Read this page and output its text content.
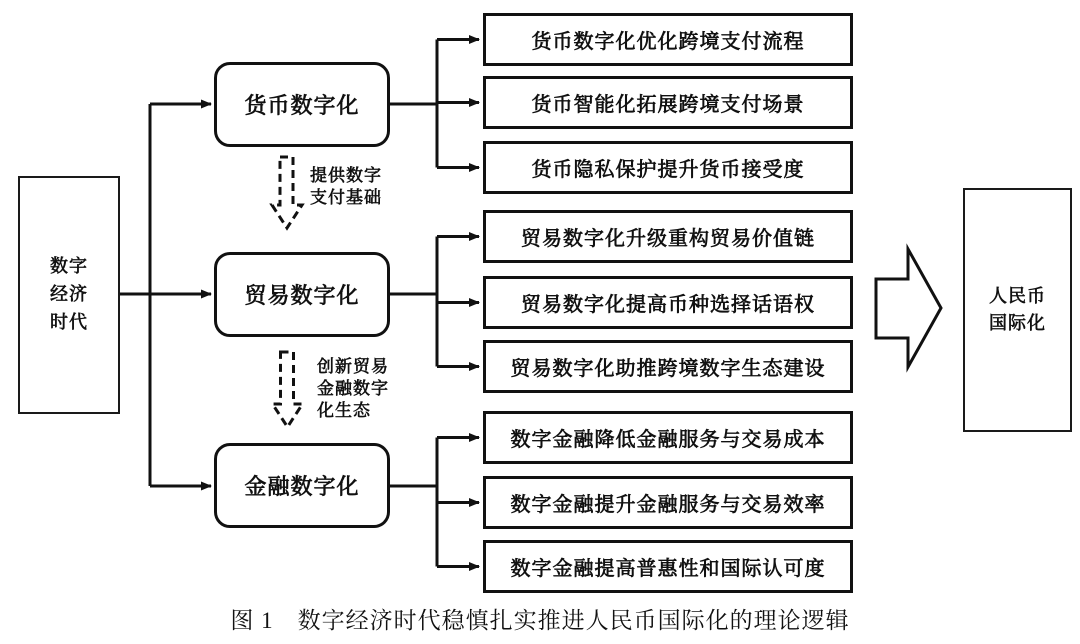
数字
经济
时代
货币数字化
贸易数字化
金融数字化
货币数字化优化跨境支付流程
货币智能化拓展跨境支付场景
货币隐私保护提升货币接受度
贸易数字化升级重构贸易价值链
贸易数字化提高币种选择话语权
贸易数字化助推跨境数字生态建设
数字金融降低金融服务与交易成本
数字金融提升金融服务与交易效率
数字金融提高普惠性和国际认可度
提供数字
支付基础
创新贸易
金融数字
化生态
人民币
国际化
图 1　数字经济时代稳慎扎实推进人民币国际化的理论逻辑
